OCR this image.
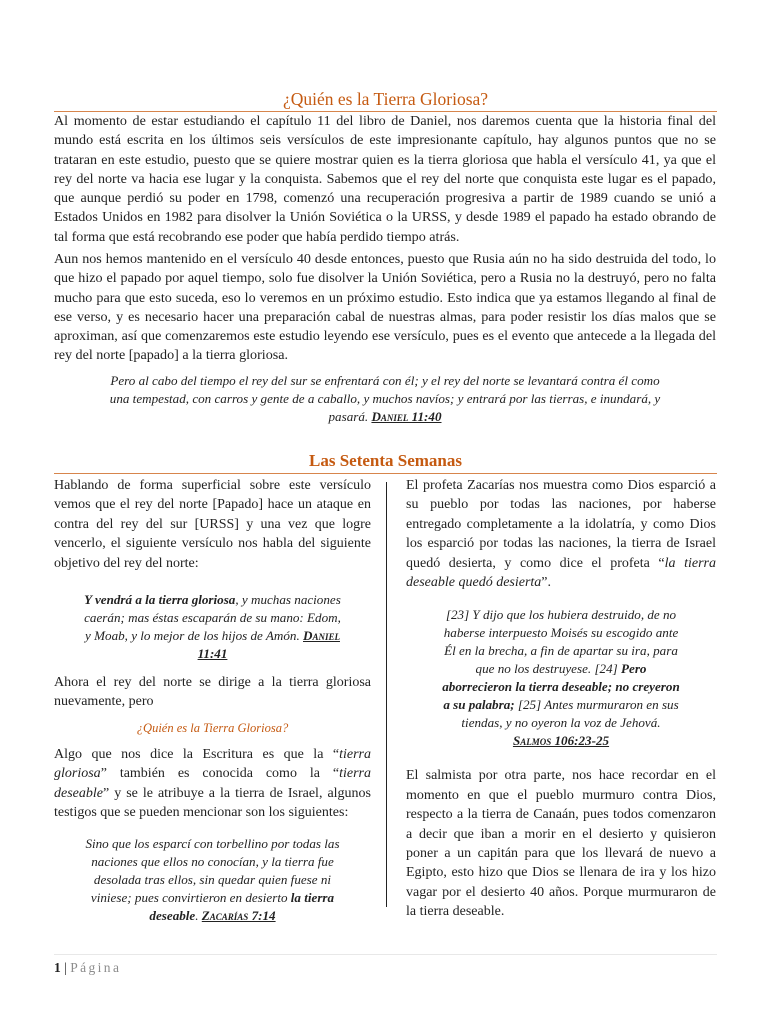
¿Quién es la Tierra Gloriosa?

Al momento de estar estudiando el capítulo 11 del libro de Daniel, nos daremos cuenta que la historia final del mundo está escrita en los últimos seis versículos de este impresionante capítulo, hay algunos puntos que no se trataran en este estudio, puesto que se quiere mostrar quien es la tierra gloriosa que habla el versículo 41, ya que el rey del norte va hacia ese lugar y la conquista. Sabemos que el rey del norte que conquista este lugar es el papado, que aunque perdió su poder en 1798, comenzó una recuperación progresiva a partir de 1989 cuando se unió a Estados Unidos en 1982 para disolver la Unión Soviética o la URSS, y desde 1989 el papado ha estado obrando de tal forma que está recobrando ese poder que había perdido tiempo atrás.

Aun nos hemos mantenido en el versículo 40 desde entonces, puesto que Rusia aún no ha sido destruida del todo, lo que hizo el papado por aquel tiempo, solo fue disolver la Unión Soviética, pero a Rusia no la destruyó, pero no falta mucho para que esto suceda, eso lo veremos en un próximo estudio. Esto indica que ya estamos llegando al final de ese verso, y es necesario hacer una preparación cabal de nuestras almas, para poder resistir los días malos que se aproximan, así que comenzaremos este estudio leyendo ese versículo, pues es el evento que antecede a la llegada del rey del norte [papado] a la tierra gloriosa.

Pero al cabo del tiempo el rey del sur se enfrentará con él; y el rey del norte se levantará contra él como una tempestad, con carros y gente de a caballo, y muchos navíos; y entrará por las tierras, e inundará, y pasará. Daniel 11:40

Las Setenta Semanas

Hablando de forma superficial sobre este versículo vemos que el rey del norte [Papado] hace un ataque en contra del rey del sur [URSS] y una vez que logre vencerlo, el siguiente versículo nos habla del siguiente objetivo del rey del norte:

Y vendrá a la tierra gloriosa, y muchas naciones caerán; mas éstas escaparán de su mano: Edom, y Moab, y lo mejor de los hijos de Amón. Daniel 11:41

Ahora el rey del norte se dirige a la tierra gloriosa nuevamente, pero

¿Quién es la Tierra Gloriosa?

Algo que nos dice la Escritura es que la “tierra gloriosa” también es conocida como la “tierra deseable” y se le atribuye a la tierra de Israel, algunos testigos que se pueden mencionar son los siguientes:

Sino que los esparcí con torbellino por todas las naciones que ellos no conocían, y la tierra fue desolada tras ellos, sin quedar quien fuese ni viniese; pues convirtieron en desierto la tierra deseable. Zacarías 7:14

El profeta Zacarías nos muestra como Dios esparció a su pueblo por todas las naciones, por haberse entregado completamente a la idolatría, y como Dios los esparció por todas las naciones, la tierra de Israel quedó desierta, y como dice el profeta “la tierra deseable quedó desierta”.

[23] Y dijo que los hubiera destruido, de no haberse interpuesto Moisés su escogido ante Él en la brecha, a fin de apartar su ira, para que no los destruyese. [24] Pero aborrecieron la tierra deseable; no creyeron a su palabra; [25] Antes murmuraron en sus tiendas, y no oyeron la voz de Jehová.
Salmos 106:23-25

El salmista por otra parte, nos hace recordar en el momento en que el pueblo murmuro contra Dios, respecto a la tierra de Canaán, pues todos comenzaron a decir que iban a morir en el desierto y quisieron poner a un capitán para que los llevará de nuevo a Egipto, esto hizo que Dios se llenara de ira y los hizo vagar por el desierto 40 años. Porque murmuraron de la tierra deseable.

1 | Página
